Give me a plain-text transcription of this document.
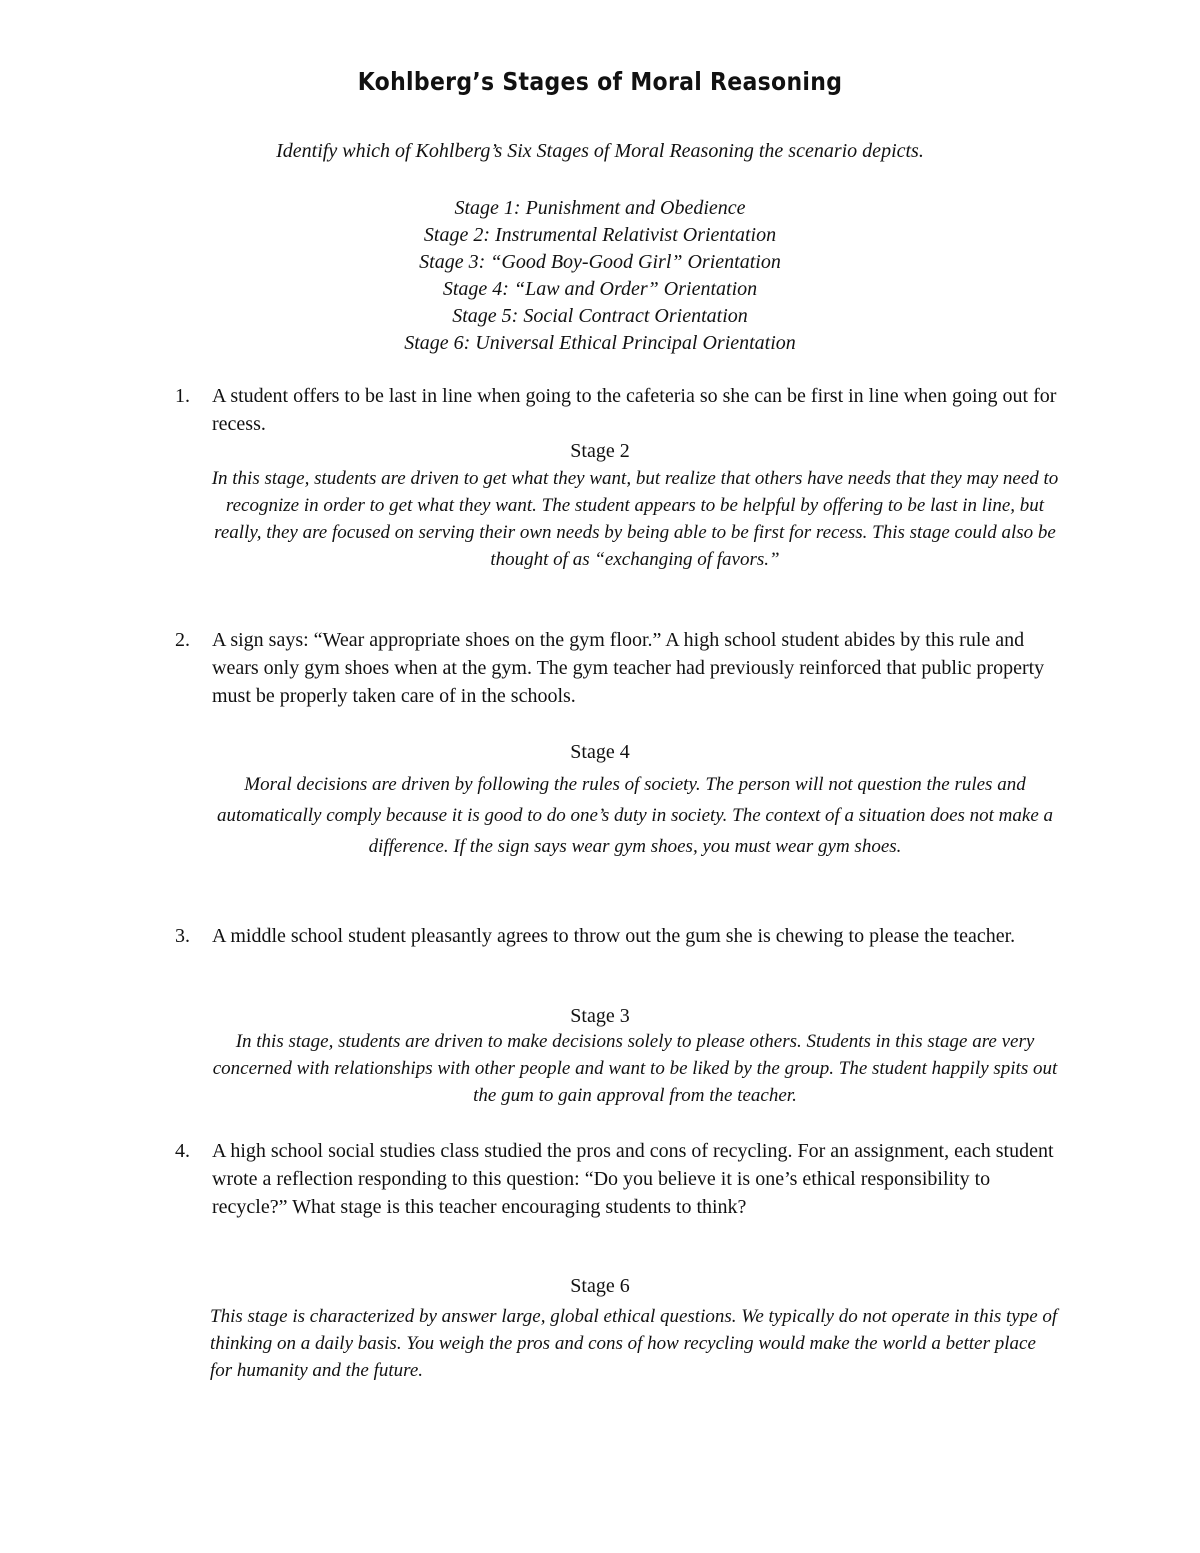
Kohlberg’s Stages of Moral Reasoning
Identify which of Kohlberg’s Six Stages of Moral Reasoning the scenario depicts.
Stage 1: Punishment and Obedience
Stage 2: Instrumental Relativist Orientation
Stage 3: “Good Boy-Good Girl” Orientation
Stage 4: “Law and Order” Orientation
Stage 5: Social Contract Orientation
Stage 6: Universal Ethical Principal Orientation
1. A student offers to be last in line when going to the cafeteria so she can be first in line when going out for recess.
Stage 2
In this stage, students are driven to get what they want, but realize that others have needs that they may need to recognize in order to get what they want. The student appears to be helpful by offering to be last in line, but really, they are focused on serving their own needs by being able to be first for recess. This stage could also be thought of as “exchanging of favors.”
2. A sign says: “Wear appropriate shoes on the gym floor.” A high school student abides by this rule and wears only gym shoes when at the gym. The gym teacher had previously reinforced that public property must be properly taken care of in the schools.
Stage 4
Moral decisions are driven by following the rules of society. The person will not question the rules and automatically comply because it is good to do one’s duty in society. The context of a situation does not make a difference. If the sign says wear gym shoes, you must wear gym shoes.
3. A middle school student pleasantly agrees to throw out the gum she is chewing to please the teacher.
Stage 3
In this stage, students are driven to make decisions solely to please others. Students in this stage are very concerned with relationships with other people and want to be liked by the group. The student happily spits out the gum to gain approval from the teacher.
4. A high school social studies class studied the pros and cons of recycling. For an assignment, each student wrote a reflection responding to this question: “Do you believe it is one’s ethical responsibility to recycle?” What stage is this teacher encouraging students to think?
Stage 6
This stage is characterized by answer large, global ethical questions. We typically do not operate in this type of thinking on a daily basis. You weigh the pros and cons of how recycling would make the world a better place for humanity and the future.
